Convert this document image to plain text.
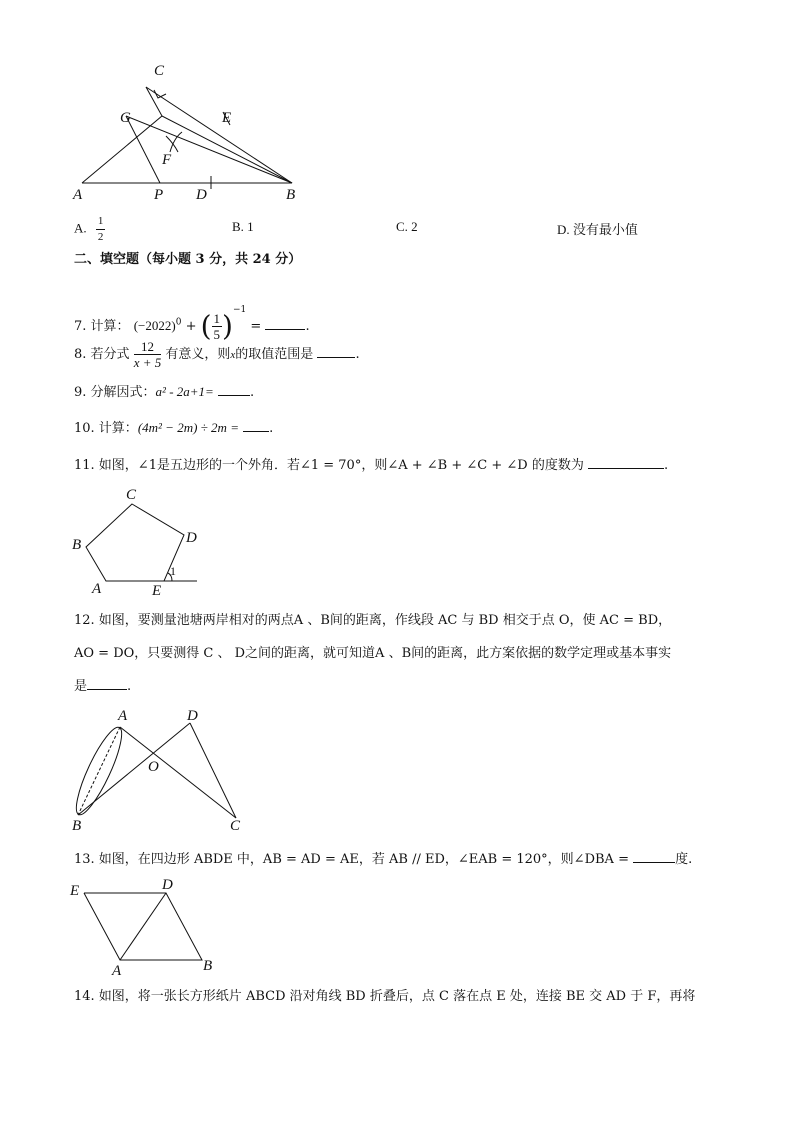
C
G	E
F
A	P D	B
A. $\frac{1}{2}$	B. 1	C. 2	D. 没有最小值
二、填空题（每小题 3 分，共 24 分）
7. 计算： $(-2022)^0$ + ( $\frac{1}{5} )^{-1}$ =	.
8. 若分式 $\frac{12}{x + 5}$ 有意义，则x的取值范围是	.
9. 分解因式：a² - 2a+1=	.
10. 计算：(4m² − 2m) ÷ 2m = .
11. 如图，∠1是五边形的一个外角．若∠1 = 70°，则∠A + ∠B + ∠C + ∠D 的度数为	.
C
B	D
A	E
1
12. 如图，要测量池塘两岸相对的两点A 、B间的距离，作线段 AC 与 BD 相交于点 O，使 AC = BD，
AO = DO，只要测得 C 、 D之间的距离，就可知道A 、B间的距离，此方案依据的数学定理或基本事实
是	.
A	D
O
B	C
13. 如图，在四边形 ABDE 中，AB = AD = AE，若 AB // ED，∠EAB = 120°，则∠DBA =	度.
E	D
A	B
14. 如图，将一张长方形纸片 ABCD 沿对角线 BD 折叠后，点 C 落在点 E 处，连接 BE 交 AD 于 F，再将
